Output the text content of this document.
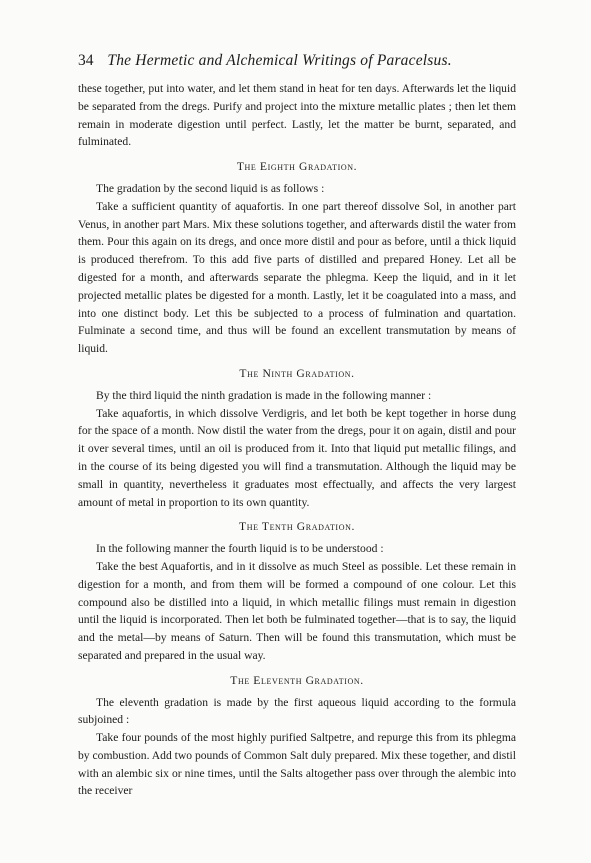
34 The Hermetic and Alchemical Writings of Paracelsus.

these together, put into water, and let them stand in heat for ten days. Afterwards let the liquid be separated from the dregs. Purify and project into the mixture metallic plates ; then let them remain in moderate digestion until perfect. Lastly, let the matter be burnt, separated, and fulminated.

The Eighth Gradation.

The gradation by the second liquid is as follows :

Take a sufficient quantity of aquafortis. In one part thereof dissolve Sol, in another part Venus, in another part Mars. Mix these solutions together, and afterwards distil the water from them. Pour this again on its dregs, and once more distil and pour as before, until a thick liquid is produced therefrom. To this add five parts of distilled and prepared Honey. Let all be digested for a month, and afterwards separate the phlegma. Keep the liquid, and in it let projected metallic plates be digested for a month. Lastly, let it be coagulated into a mass, and into one distinct body. Let this be subjected to a process of fulmination and quartation. Fulminate a second time, and thus will be found an excellent transmutation by means of liquid.

The Ninth Gradation.

By the third liquid the ninth gradation is made in the following manner :

Take aquafortis, in which dissolve Verdigris, and let both be kept together in horse dung for the space of a month. Now distil the water from the dregs, pour it on again, distil and pour it over several times, until an oil is produced from it. Into that liquid put metallic filings, and in the course of its being digested you will find a transmutation. Although the liquid may be small in quantity, nevertheless it graduates most effectually, and affects the very largest amount of metal in proportion to its own quantity.

The Tenth Gradation.

In the following manner the fourth liquid is to be understood :

Take the best Aquafortis, and in it dissolve as much Steel as possible. Let these remain in digestion for a month, and from them will be formed a compound of one colour. Let this compound also be distilled into a liquid, in which metallic filings must remain in digestion until the liquid is incorporated. Then let both be fulminated together—that is to say, the liquid and the metal—by means of Saturn. Then will be found this transmutation, which must be separated and prepared in the usual way.

The Eleventh Gradation.

The eleventh gradation is made by the first aqueous liquid according to the formula subjoined :

Take four pounds of the most highly purified Saltpetre, and repurge this from its phlegma by combustion. Add two pounds of Common Salt duly prepared. Mix these together, and distil with an alembic six or nine times, until the Salts altogether pass over through the alembic into the receiver
